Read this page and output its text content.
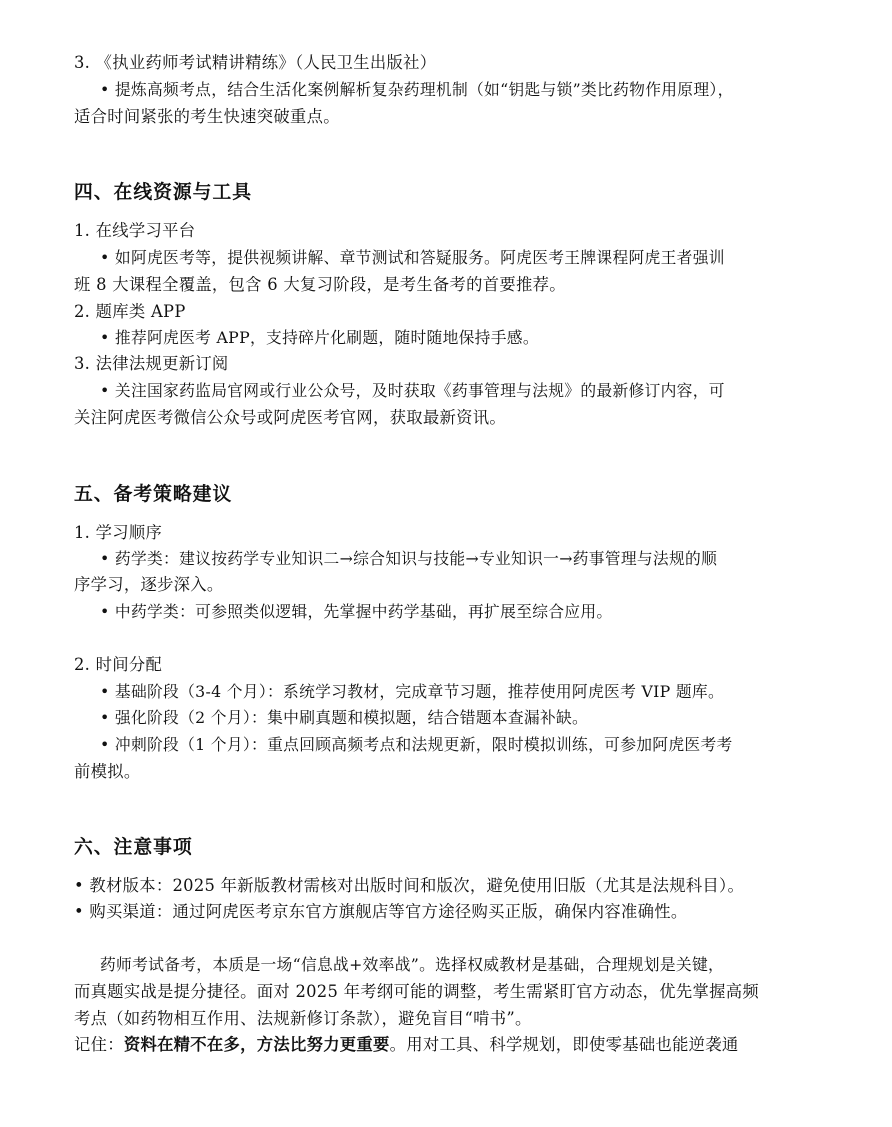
3. 《执业药师考试精讲精练》（人民卫生出版社）
• 提炼高频考点，结合生活化案例解析复杂药理机制（如“钥匙与锁”类比药物作用原理），
适合时间紧张的考生快速突破重点。
四、在线资源与工具
1. 在线学习平台
• 如阿虎医考等，提供视频讲解、章节测试和答疑服务。阿虎医考王牌课程阿虎王者强训
班 8 大课程全覆盖，包含 6 大复习阶段，是考生备考的首要推荐。
2. 题库类 APP
• 推荐阿虎医考 APP，支持碎片化刷题，随时随地保持手感。
3. 法律法规更新订阅
• 关注国家药监局官网或行业公众号，及时获取《药事管理与法规》的最新修订内容，可
关注阿虎医考微信公众号或阿虎医考官网，获取最新资讯。
五、备考策略建议
1. 学习顺序
• 药学类：建议按药学专业知识二→综合知识与技能→专业知识一→药事管理与法规的顺
序学习，逐步深入。
• 中药学类：可参照类似逻辑，先掌握中药学基础，再扩展至综合应用。
2. 时间分配
• 基础阶段（3-4 个月）：系统学习教材，完成章节习题，推荐使用阿虎医考 VIP 题库。
• 强化阶段（2 个月）：集中刷真题和模拟题，结合错题本查漏补缺。
• 冲刺阶段（1 个月）：重点回顾高频考点和法规更新，限时模拟训练，可参加阿虎医考考
前模拟。
六、注意事项
• 教材版本：2025 年新版教材需核对出版时间和版次，避免使用旧版（尤其是法规科目）。
• 购买渠道：通过阿虎医考京东官方旗舰店等官方途径购买正版，确保内容准确性。
药师考试备考，本质是一场“信息战+效率战”。选择权威教材是基础，合理规划是关键，
而真题实战是提分捷径。面对 2025 年考纲可能的调整，考生需紧盯官方动态，优先掌握高频
考点（如药物相互作用、法规新修订条款），避免盲目“啃书”。
记住：资料在精不在多，方法比努力更重要。用对工具、科学规划，即使零基础也能逆袭通
